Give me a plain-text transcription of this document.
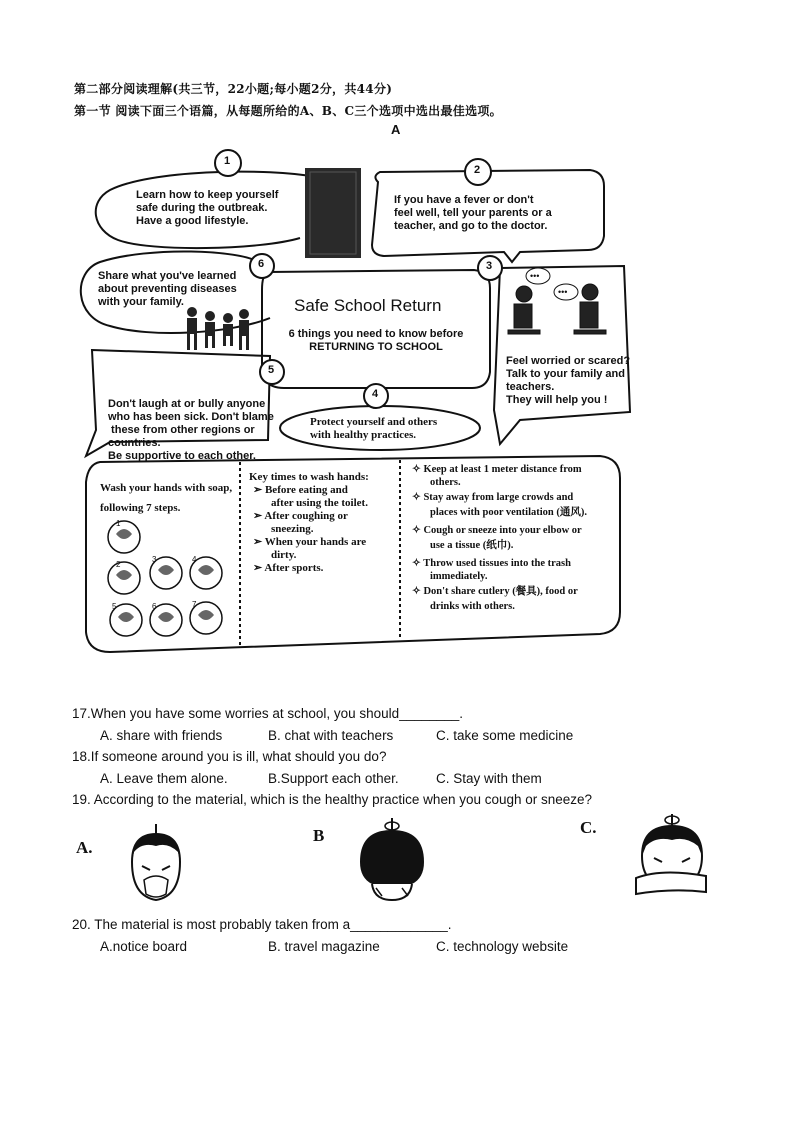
第二部分阅读理解(共三节，22小题;每小题2分，共44分)
第一节 阅读下面三个语篇，从每题所给的A、B、C三个选项中选出最佳选项。
A
•••
•••
1
2
3	4
5	6	7
1
2
3
4
5
6
Learn how to keep yourself
safe during the outbreak.
Have a good lifestyle.
If you have a fever or don't
feel well, tell your parents or a
teacher, and go to the doctor.
Share what you've learned
about preventing diseases
with your family.	Safe School Return
6 things you need to know before
RETURNING TO SCHOOL
Feel worried or scared?
Talk to your family and
teachers.
They will help you !

Don't laugh at or bully anyone
who has been sick. Don't blame
these from other regions or
countries.
Be supportive to each other.

Protect yourself and others
with healthy practices.
Wash your hands with soap,
following 7 steps.
Key times to wash hands:
➢ Before eating and
after using the toilet.
➢ After coughing or
sneezing.
➢ When your hands are
dirty.
➢ After sports.
✧ Keep at least 1 meter distance from
others.
✧ Stay away from large crowds and
places with poor ventilation (通风).
✧ Cough or sneeze into your elbow or
use a tissue (纸巾).
✧ Throw used tissues into the trash
immediately.
✧ Don't share cutlery (餐具), food or
drinks with others.
17.When you have some worries at school, you should________.
A. share with friends	B. chat with teachers	C. take some medicine
18.If someone around you is ill, what should you do?
A. Leave them alone.	B.Support each other.	C. Stay with them
19. According to the material, which is the healthy practice when you cough or sneeze?
A.
B	C.
20. The material is most probably taken from a_____________.
A.notice board	B. travel magazine	C. technology website
